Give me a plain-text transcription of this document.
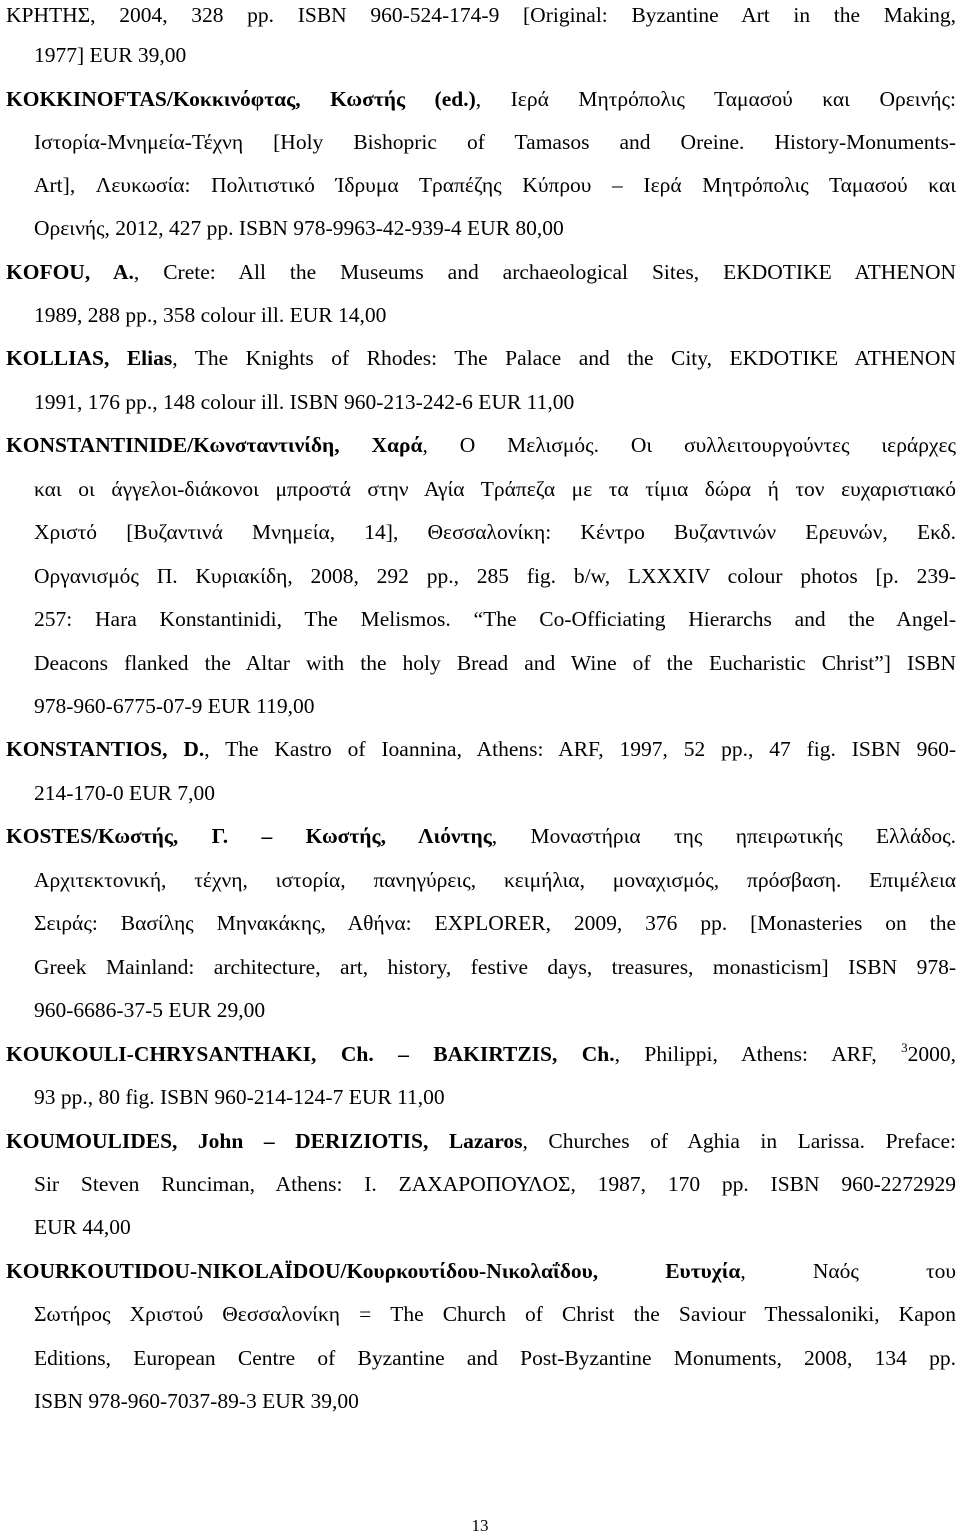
ΚΡΗΤΗΣ, 2004, 328 pp. ISBN 960-524-174-9 [Original: Byzantine Art in the Making,
1977] EUR 39,00
KOKKINOFTAS/Κοκκινόφτας, Κωστής (ed.), Ιερά Μητρόπολις Ταμασού και Ορεινής:
Ιστορία-Μνημεία-Τέχνη [Holy Bishopric of Tamasos and Oreine. History-Monuments-
Art], Λευκωσία: Πολιτιστικό Ίδρυμα Τραπέζης Κύπρου – Ιερά Μητρόπολις Ταμασού και
Ορεινής, 2012, 427 pp. ISBN 978-9963-42-939-4 EUR 80,00
KOFOU, A., Crete: All the Museums and archaeological Sites, EKDOTIKE ATHENON
1989, 288 pp., 358 colour ill. EUR 14,00
KOLLIAS, Elias, The Knights of Rhodes: The Palace and the City, EKDOTIKE ATHENON
1991, 176 pp., 148 colour ill. ISBN 960-213-242-6 EUR 11,00
KONSTANTINIDE/Κωνσταντινίδη, Χαρά, Ο Μελισμός. Οι συλλειτουργούντες ιεράρχες
και οι άγγελοι-διάκονοι μπροστά στην Αγία Τράπεζα με τα τίμια δώρα ή τον ευχαριστιακό
Χριστό [Βυζαντινά Μνημεία, 14], Θεσσαλονίκη: Κέντρο Βυζαντινών Ερευνών, Εκδ.
Οργανισμός Π. Κυριακίδη, 2008, 292 pp., 285 fig. b/w, LXXXIV colour photos [p. 239-
257: Hara Konstantinidi, The Melismos. “The Co-Officiating Hierarchs and the Angel-
Deacons flanked the Altar with the holy Bread and Wine of the Eucharistic Christ”] ISBN
978-960-6775-07-9 EUR 119,00
KONSTANTIOS, D., The Kastro of Ioannina, Athens: ARF, 1997, 52 pp., 47 fig. ISBN 960-
214-170-0 EUR 7,00
KOSTES/Κωστής, Γ. – Κωστής, Λιόντης, Μοναστήρια της ηπειρωτικής Ελλάδος.
Αρχιτεκτονική, τέχνη, ιστορία, πανηγύρεις, κειμήλια, μοναχισμός, πρόσβαση. Επιμέλεια
Σειράς: Βασίλης Μηνακάκης, Αθήνα: EXPLORER, 2009, 376 pp. [Monasteries on the
Greek Mainland: architecture, art, history, festive days, treasures, monasticism] ISBN 978-
960-6686-37-5 EUR 29,00
KOUKOULI-CHRYSANTHAKI, Ch. – BAKIRTZIS, Ch., Philippi, Athens: ARF, $^3$2000,
93 pp., 80 fig. ISBN 960-214-124-7 EUR 11,00
KOUMOULIDES, John – DERIZIOTIS, Lazaros, Churches of Aghia in Larissa. Preface:
Sir Steven Runciman, Athens: I. ΖΑΧΑΡΟΠΟΥΛΟΣ, 1987, 170 pp. ISBN 960-2272929
EUR 44,00
KOURKOUTIDOU-NIKOLAÏDOU/Κουρκουτίδου-Νικολαΐδου, Ευτυχία, Ναός του
Σωτήρος Χριστού Θεσσαλονίκη = The Church of Christ the Saviour Thessaloniki, Kapon
Editions, European Centre of Byzantine and Post-Byzantine Monuments, 2008, 134 pp.
ISBN 978-960-7037-89-3 EUR 39,00
13
